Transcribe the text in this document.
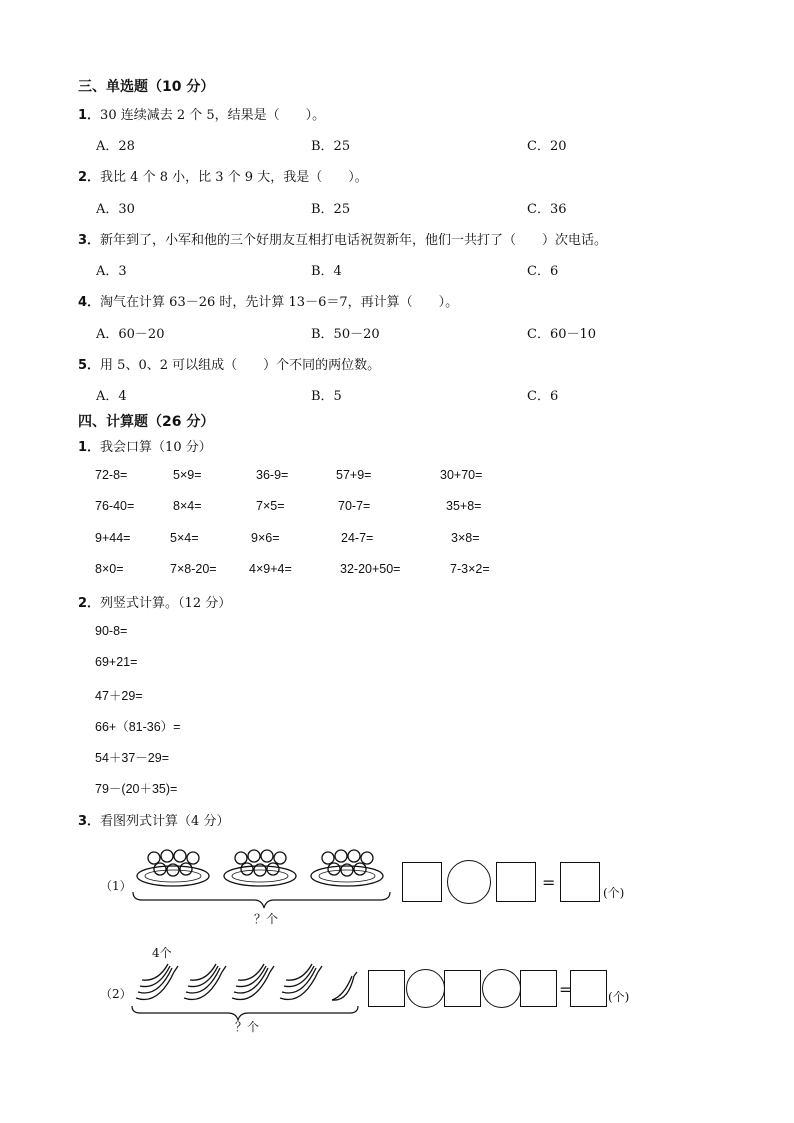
三、单选题（10 分）
1．30 连续减去 2 个 5，结果是（　　）。
A．28	B．25	C．20
2．我比 4 个 8 小，比 3 个 9 大，我是（　　）。
A．30	B．25	C．36
3．新年到了，小军和他的三个好朋友互相打电话祝贺新年，他们一共打了（　　）次电话。
A．3	B．4	C．6
4．淘气在计算 63－26 时，先计算 13－6＝7，再计算（　　）。
A．60－20	B．50－20	C．60－10
5．用 5、0、2 可以组成（　　）个不同的两位数。
A．4	B．5	C．6
四、计算题（26 分）
1．我会口算（10 分）
72-8=	5×9=	36-9=	57+9=	30+70=
76-40=	8×4=	7×5=	70-7=	35+8=
9+44=	5×4=	9×6=	24-7=	3×8=
8×0=	7×8-20=	4×9+4=	32-20+50=	7-3×2=
2．列竖式计算。（12 分）
90-8=
69+21=
47＋29=
66+（81-36）=
54＋37－29=
79－(20＋35)=
3．看图列式计算（4 分）
（1）
？个
=
(个)
4个
（2）
？个
=	(个)
